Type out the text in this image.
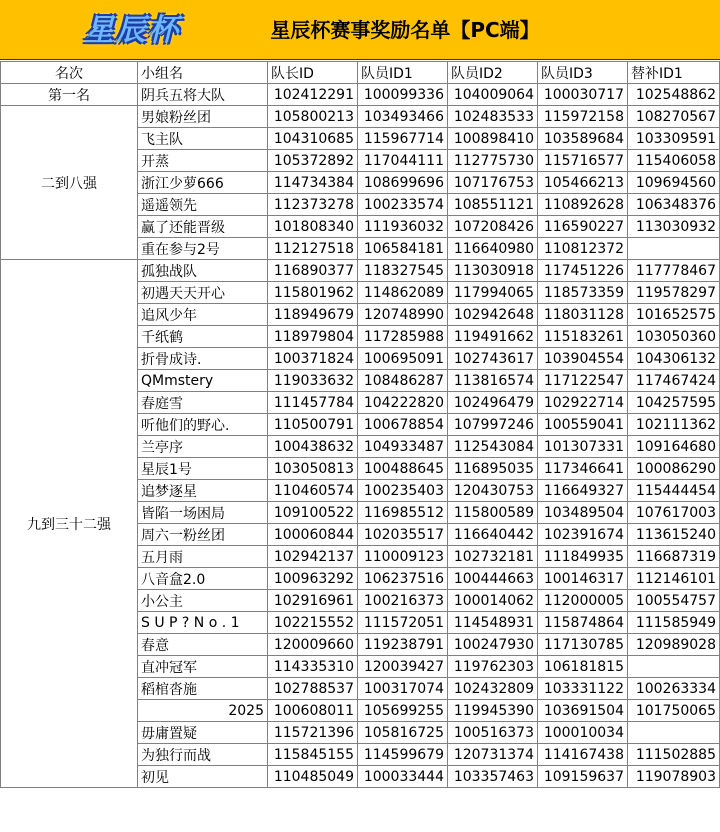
星辰杯	星辰杯赛事奖励名单【PC端】
名次	小组名	队长ID	队员ID1	队员ID2	队员ID3	替补ID1
第一名	阴兵五将大队	102412291	100099336	104009064	100030717	102548862
二到八强	男娘粉丝团	105800213	103493466	102483533	115972158	108270567
	飞主队	104310685	115967714	100898410	103589684	103309591
	开蒸	105372892	117044111	112775730	115716577	115406058
	浙江少萝666	114734384	108699696	107176753	105466213	109694560
	遥遥领先	112373278	100233574	108551121	110892628	106348376
	赢了还能晋级	101808340	111936032	107208426	116590227	113030932
	重在参与2号	112127518	106584181	116640980	110812372	
九到三十二强	孤独战队	116890377	118327545	113030918	117451226	117778467
	初遇天天开心	115801962	114862089	117994065	118573359	119578297
	追风少年	118949679	120748990	102942648	118031128	101652575
	千纸鹤	118979804	117285988	119491662	115183261	103050360
	折骨成诗.	100371824	100695091	102743617	103904554	104306132
	QMmstery	119033632	108486287	113816574	117122547	117467424
	春庭雪	111457784	104222820	102496479	102922714	104257595
	听他们的野心.	110500791	100678854	107997246	100559041	102111362
	兰亭序	100438632	104933487	112543084	101307331	109164680
	星辰1号	103050813	100488645	116895035	117346641	100086290
	追梦逐星	110460574	100235403	120430753	116649327	115444454
	皆陷一场困局	109100522	116985512	115800589	103489504	107617003
	周六一粉丝团	100060844	102035517	116640442	102391674	113615240
	五月雨	102942137	110009123	102732181	111849935	116687319
	八音盒2.0	100963292	106237516	100444663	100146317	112146101
	小公主	102916961	100216373	100014062	112000005	100554757
	S U P ? N o . 1	102215552	111572051	114548931	115874864	111585949
	春意	120009660	119238791	100247930	117130785	120989028
	直冲冠军	114335310	120039427	119762303	106181815	
	稻棺沓施	102788537	100317074	102432809	103331122	100263334
	2025	100608011	105699255	119945390	103691504	101750065
	毋庸置疑	115721396	105816725	100516373	100010034	
	为独行而战	115845155	114599679	120731374	114167438	111502885
	初见	110485049	100033444	103357463	109159637	119078903
